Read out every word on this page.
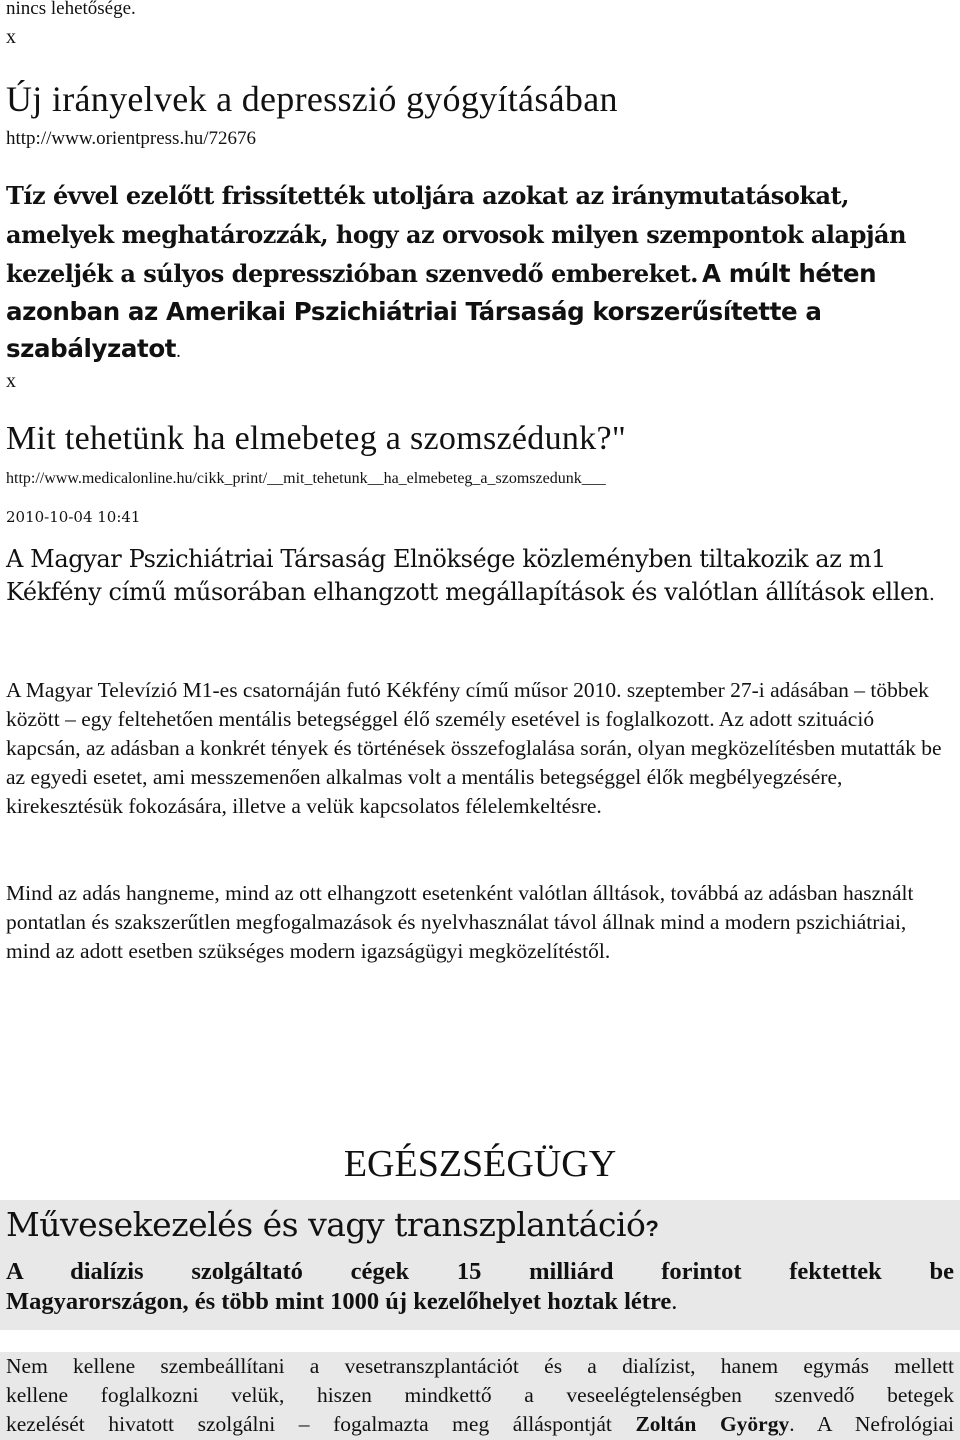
nincs lehetősége.
x
Új irányelvek a depresszió gyógyításában
http://www.orientpress.hu/72676
Tíz évvel ezelőtt frissítették utoljára azokat az iránymutatásokat, amelyek meghatározzák, hogy az orvosok milyen szempontok alapján kezeljék a súlyos depresszióban szenvedő embereket. A múlt héten azonban az Amerikai Pszichiátriai Társaság korszerűsítette a szabályzatot.
x
Mit tehetünk ha elmebeteg a szomszédunk?"
http://www.medicalonline.hu/cikk_print/__mit_tehetunk__ha_elmebeteg_a_szomszedunk___
2010-10-04 10:41
A Magyar Pszichiátriai Társaság Elnöksége közleményben tiltakozik az m1 Kékfény című műsorában elhangzott megállapítások és valótlan állítások ellen.
A Magyar Televízió M1-es csatornáján futó Kékfény című műsor 2010. szeptember 27-i adásában – többek között – egy feltehetően mentális betegséggel élő személy esetével is foglalkozott. Az adott szituáció kapcsán, az adásban a konkrét tények és történések összefoglalása során, olyan megközelítésben mutatták be az egyedi esetet, ami messzemenően alkalmas volt a mentális betegséggel élők megbélyegzésére, kirekesztésük fokozására, illetve a velük kapcsolatos félelemkeltésre.
Mind az adás hangneme, mind az ott elhangzott esetenként valótlan álltások, továbbá az adásban használt pontatlan és szakszerűtlen megfogalmazások és nyelvhasználat távol állnak mind a modern pszichiátriai, mind az adott esetben szükséges modern igazságügyi megközelítéstől.
EGÉSZSÉGÜGY
Művesekezelés és vagy transzplantáció?
A dialízis szolgáltató cégek 15 milliárd forintot fektettek be
Magyarországon, és több mint 1000 új kezelőhelyet hoztak létre.
Nem kellene szembeállítani a vesetranszplantációt és a dialízist, hanem egymás mellett
kellene foglalkozni velük, hiszen mindkettő a veseelégtelenségben szenvedő betegek
kezelését hivatott szolgálni – fogalmazta meg álláspontját Zoltán György. A Nefrológiai
